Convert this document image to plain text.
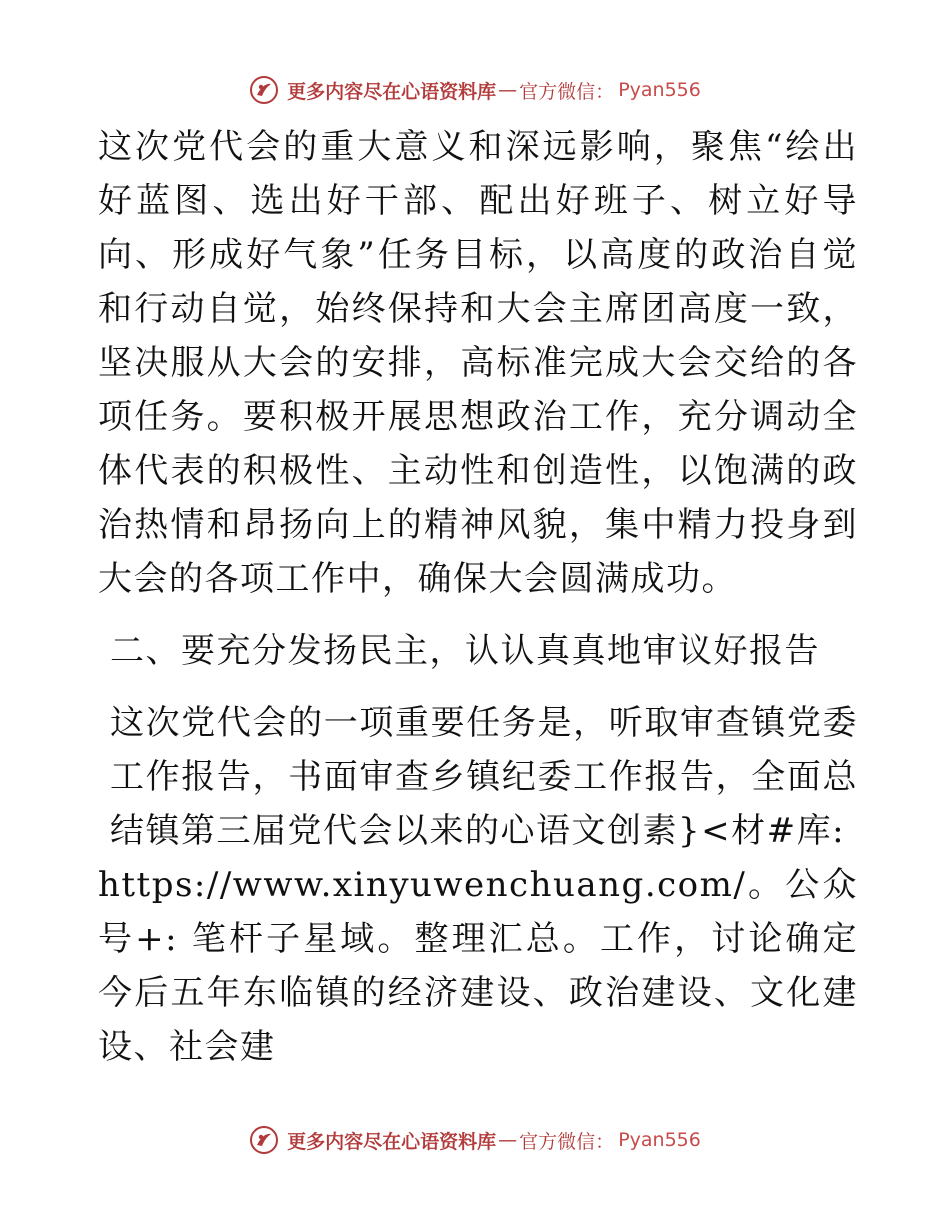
更多内容尽在心语资料库 — 官方微信： Pyan556

这次党代会的重大意义和深远影响，聚焦“绘出好蓝图、选出好干部、配出好班子、树立好导向、形成好气象”任务目标，以高度的政治自觉和行动自觉，始终保持和大会主席团高度一致，坚决服从大会的安排，高标准完成大会交给的各项任务。要积极开展思想政治工作，充分调动全体代表的积极性、主动性和创造性，以饱满的政治热情和昂扬向上的精神风貌，集中精力投身到大会的各项工作中，确保大会圆满成功。

二、要充分发扬民主，认认真真地审议好报告

这次党代会的一项重要任务是，听取审查镇党委工作报告，书面审查乡镇纪委工作报告，全面总结镇第三届党代会以来的心语文创素}<材#库:

https://www.xinyuwenchuang.com/。公众号+: 笔杆子星域。整理汇总。工作，讨论确定今后五年东临镇的经济建设、政治建设、文化建设、社会建

更多内容尽在心语资料库 — 官方微信： Pyan556
